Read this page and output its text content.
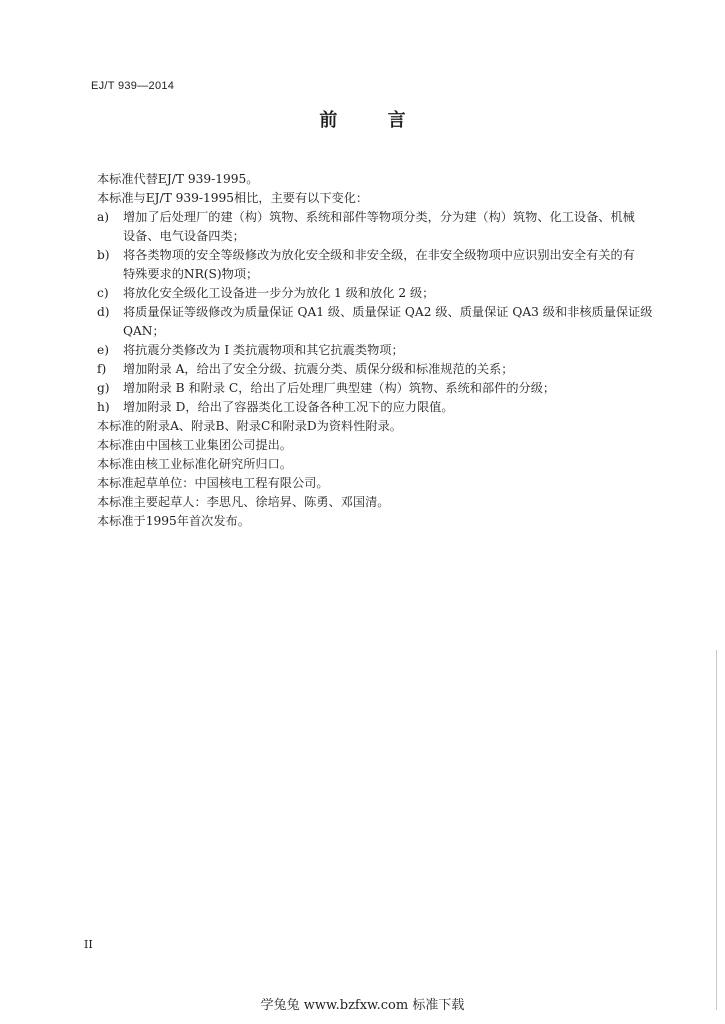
EJ/T 939—2014
前 言

本标准代替EJ/T 939-1995。

本标准与EJ/T 939-1995相比，主要有以下变化：

a)	增加了后处理厂的建（构）筑物、系统和部件等物项分类，分为建（构）筑物、化工设备、机械
设备、电气设备四类；
b)	将各类物项的安全等级修改为放化安全级和非安全级，在非安全级物项中应识别出安全有关的有
特殊要求的NR(S)物项；
c)	将放化安全级化工设备进一步分为放化 1 级和放化 2 级；
d)	将质量保证等级修改为质量保证 QA1 级、质量保证 QA2 级、质量保证 QA3 级和非核质量保证级
QAN；
e)	将抗震分类修改为 I 类抗震物项和其它抗震类物项；
f)	增加附录 A，给出了安全分级、抗震分类、质保分级和标准规范的关系；
g)	增加附录 B 和附录 C，给出了后处理厂典型建（构）筑物、系统和部件的分级；
h)	增加附录 D，给出了容器类化工设备各种工况下的应力限值。

本标准的附录A、附录B、附录C和附录D为资料性附录。

本标准由中国核工业集团公司提出。

本标准由核工业标准化研究所归口。

本标准起草单位：中国核电工程有限公司。

本标准主要起草人：李思凡、徐培昇、陈勇、邓国清。

本标准于1995年首次发布。

II
学兔兔 www.bzfxw.com 标准下载
